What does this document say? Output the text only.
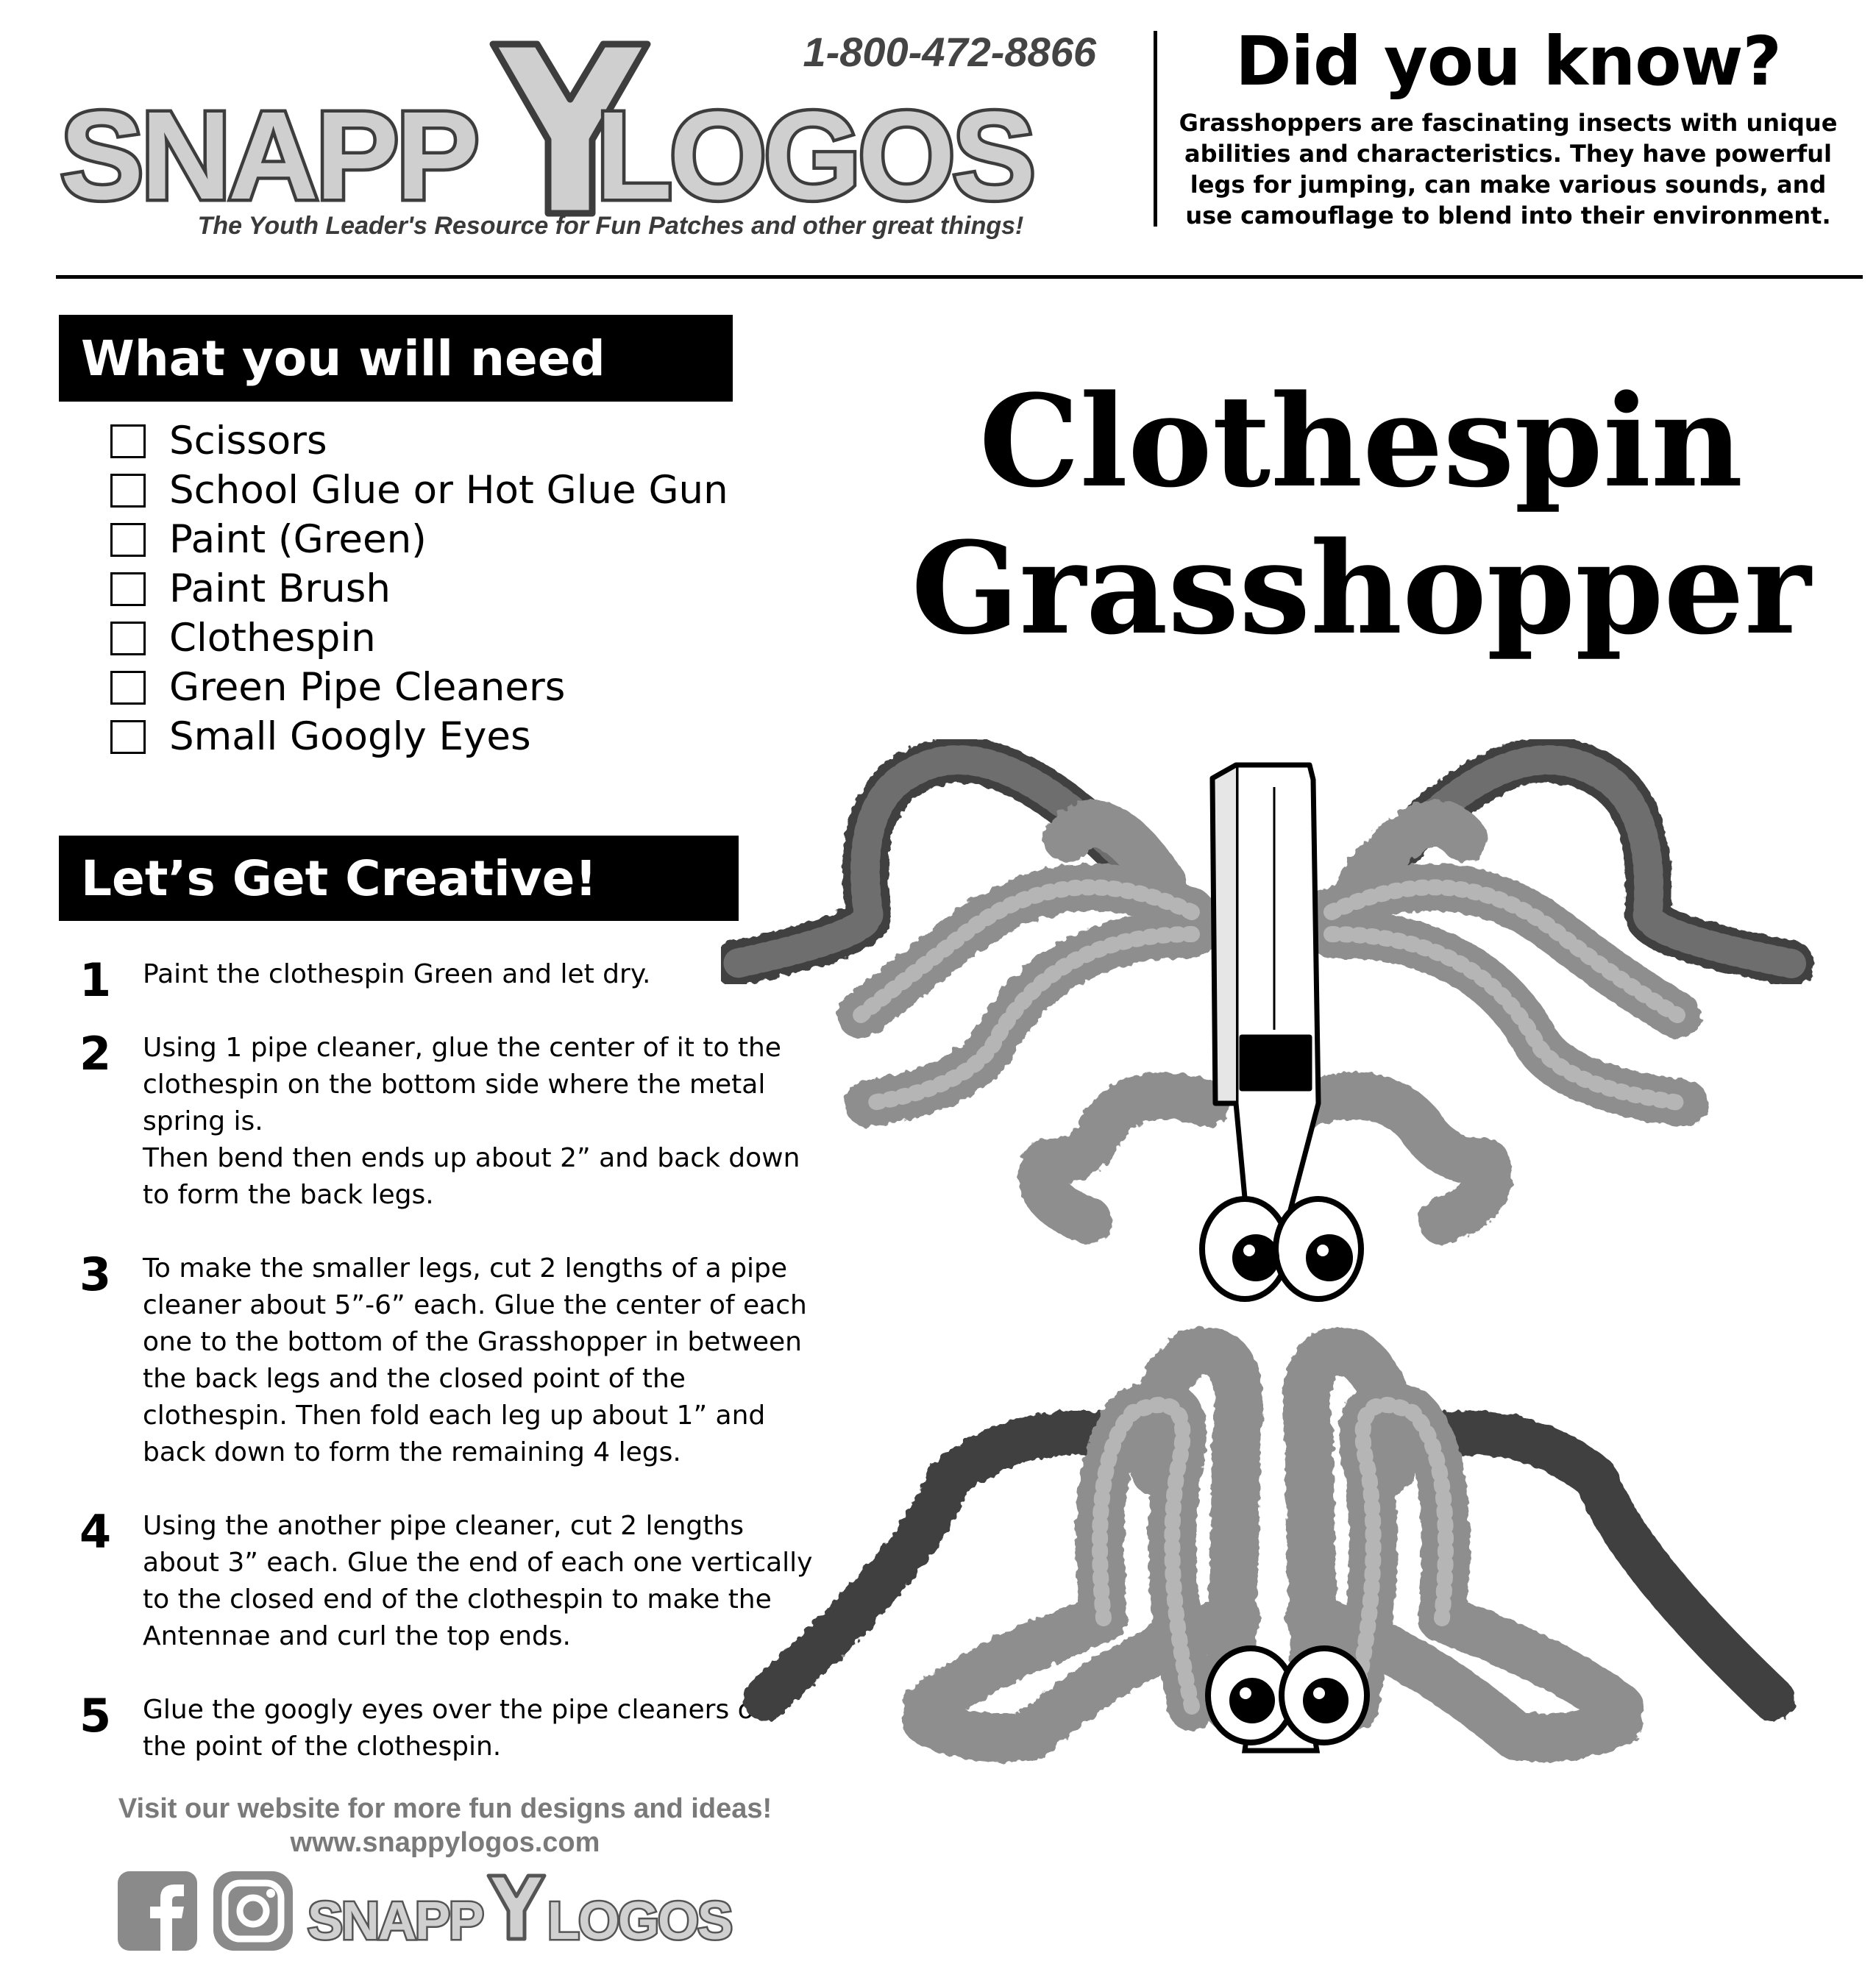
SNAPP LOGOS
1-800-472-8866
The Youth Leader's Resource for Fun Patches and other great things!
Did you know?
Grasshoppers are fascinating insects with unique abilities and characteristics. They have powerful legs for jumping, can make various sounds, and use camouflage to blend into their environment.
What you will need
Scissors
School Glue or Hot Glue Gun
Paint (Green)
Paint Brush
Clothespin
Green Pipe Cleaners
Small Googly Eyes
Let’s Get Creative!
1 Paint the clothespin Green and let dry.
2 Using 1 pipe cleaner, glue the center of it to the clothespin on the bottom side where the metal spring is.
Then bend then ends up about 2” and back down to form the back legs.
3 To make the smaller legs, cut 2 lengths of a pipe cleaner about 5”-6” each. Glue the center of each one to the bottom of the Grasshopper in between the back legs and the closed point of the clothespin. Then fold each leg up about 1” and back down to form the remaining 4 legs.
4 Using the another pipe cleaner, cut 2 lengths about 3” each. Glue the end of each one vertically to the closed end of the clothespin to make the Antennae and curl the top ends.
5 Glue the googly eyes over the pipe cleaners on the point of the clothespin.
Visit our website for more fun designs and ideas!
www.snappylogos.com
SNAPP LOGOS
Clothespin
Grasshopper
